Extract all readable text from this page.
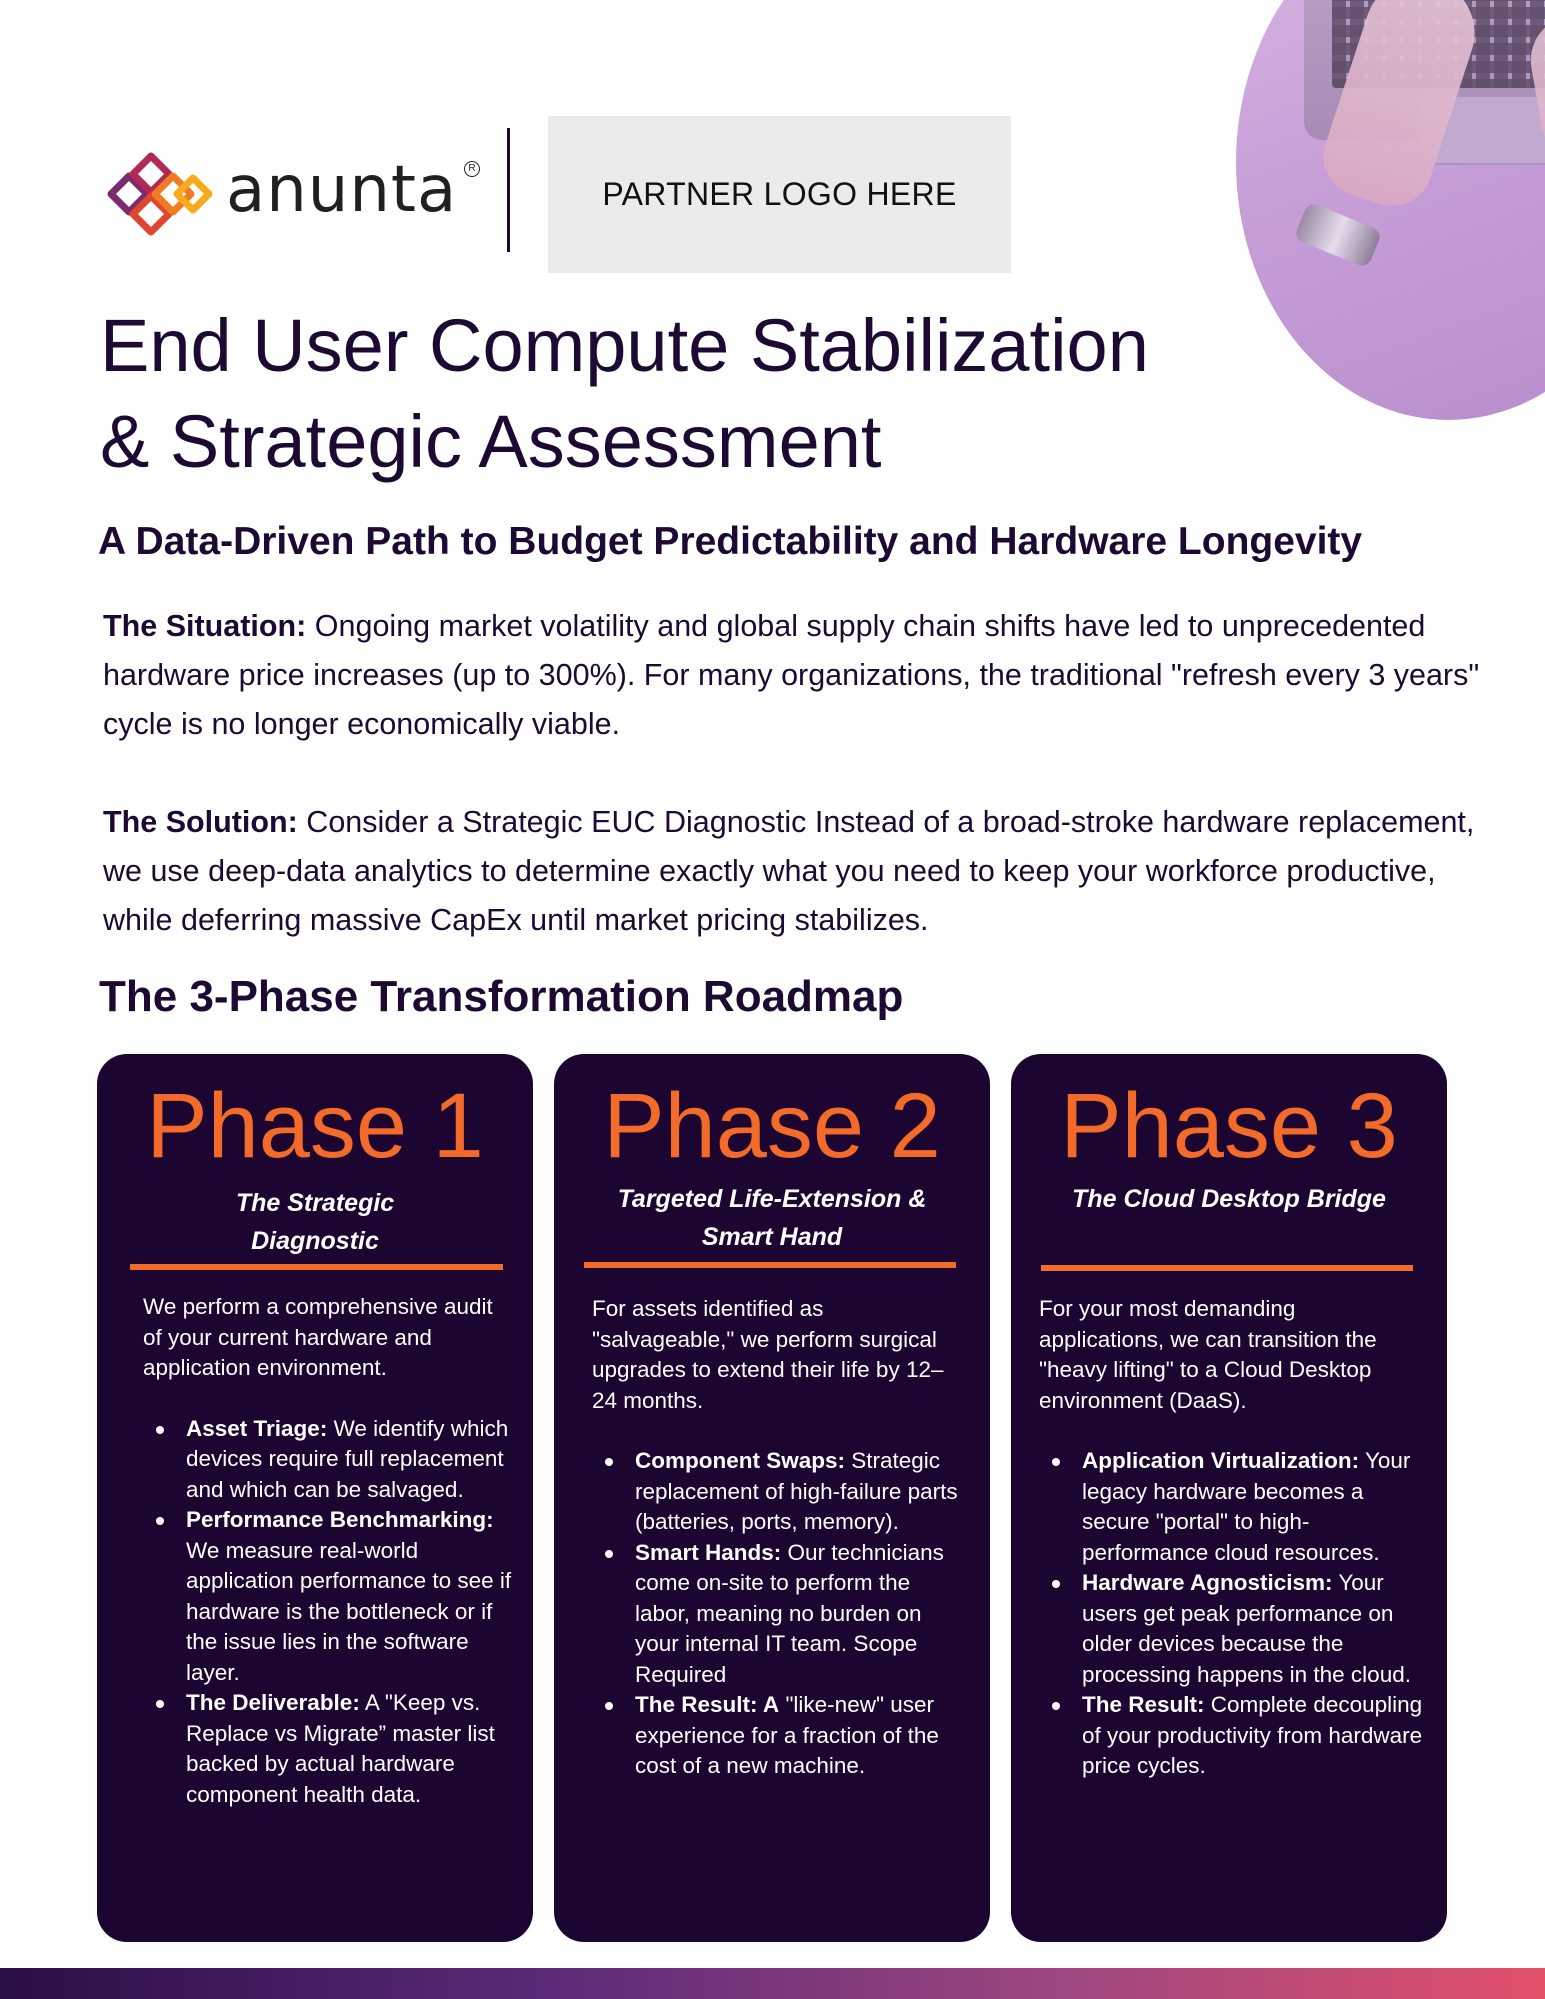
anunta	R
PARTNER LOGO HERE
End User Compute Stabilization
& Strategic Assessment
A Data-Driven Path to Budget Predictability and Hardware Longevity

The Situation: Ongoing market volatility and global supply chain shifts have led to unprecedented hardware price increases (up to 300%). For many organizations, the traditional "refresh every 3 years" cycle is no longer economically viable.

The Solution: Consider a Strategic EUC Diagnostic Instead of a broad-stroke hardware replacement, we use deep-data analytics to determine exactly what you need to keep your workforce productive, while deferring massive CapEx until market pricing stabilizes.

The 3-Phase Transformation Roadmap
Phase 1
The Strategic
Diagnostic

We perform a comprehensive audit of your current hardware and application environment.

Asset Triage: We identify which devices require full replacement and which can be salvaged.
Performance Benchmarking: We measure real-world application performance to see if hardware is the bottleneck or if the issue lies in the software layer.
The Deliverable: A "Keep vs. Replace vs Migrate” master list backed by actual hardware component health data.
Phase 2
Targeted Life-Extension &
Smart Hand

For assets identified as "salvageable," we perform surgical upgrades to extend their life by 12–24 months.

Component Swaps: Strategic replacement of high-failure parts (batteries, ports, memory).
Smart Hands: Our technicians come on-site to perform the labor, meaning no burden on your internal IT team. Scope Required
The Result: A "like-new" user experience for a fraction of the cost of a new machine.
Phase 3
The Cloud Desktop Bridge

For your most demanding applications, we can transition the "heavy lifting" to a Cloud Desktop environment (DaaS).

Application Virtualization: Your legacy hardware becomes a secure "portal" to high-performance cloud resources.
Hardware Agnosticism: Your users get peak performance on older devices because the processing happens in the cloud.
The Result: Complete decoupling of your productivity from hardware price cycles.
